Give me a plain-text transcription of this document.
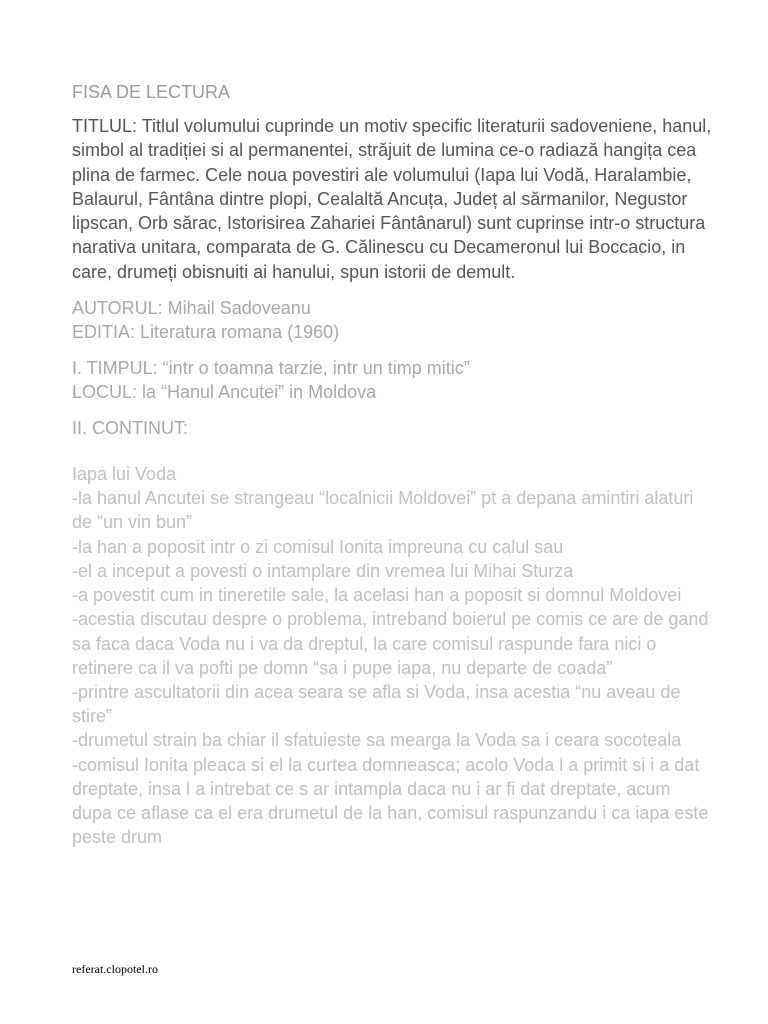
FISA DE LECTURA
TITLUL: Titlul volumului cuprinde un motiv specific literaturii sadoveniene, hanul, simbol al tradiției si al permanentei, străjuit de lumina ce-o radiază hangița cea plina de farmec. Cele noua povestiri ale volumului (Iapa lui Vodă, Haralambie, Balaurul, Fântâna dintre plopi, Cealaltă Ancuța, Județ al sărmanilor, Negustor lipscan, Orb sărac, Istorisirea Zahariei Fântânarul) sunt cuprinse intr-o structura narativa unitara, comparata de G. Călinescu cu Decameronul lui Boccacio, in care, drumeți obisnuiti ai hanului, spun istorii de demult.
AUTORUL: Mihail Sadoveanu
EDITIA: Literatura romana (1960)
I. TIMPUL: “intr o toamna tarzie, intr un timp mitic”
LOCUL: la “Hanul Ancutei” in Moldova
II. CONTINUT:
Iapa lui Voda
-la hanul Ancutei se strangeau “localnicii Moldovei” pt a depana amintiri alaturi de “un vin bun”
-la han a poposit intr o zi comisul Ionita impreuna cu calul sau
-el a inceput a povesti o intamplare din vremea lui Mihai Sturza
-a povestit cum in tineretile sale, la acelasi han a poposit si domnul Moldovei
-acestia discutau despre o problema, intreband boierul pe comis ce are de gand sa faca daca Voda nu i va da dreptul, la care comisul raspunde fara nici o retinere ca il va pofti pe domn “sa i pupe iapa, nu departe de coada”
-printre ascultatorii din acea seara se afla si Voda, insa acestia “nu aveau de stire”
-drumetul strain ba chiar il sfatuieste sa mearga la Voda sa i ceara socoteala
-comisul Ionita pleaca si el la curtea domneasca; acolo Voda l a primit si i a dat dreptate, insa l a intrebat ce s ar intampla daca nu i ar fi dat dreptate, acum dupa ce aflase ca el era drumetul de la han, comisul raspunzandu i ca iapa este peste drum
referat.clopotel.ro
